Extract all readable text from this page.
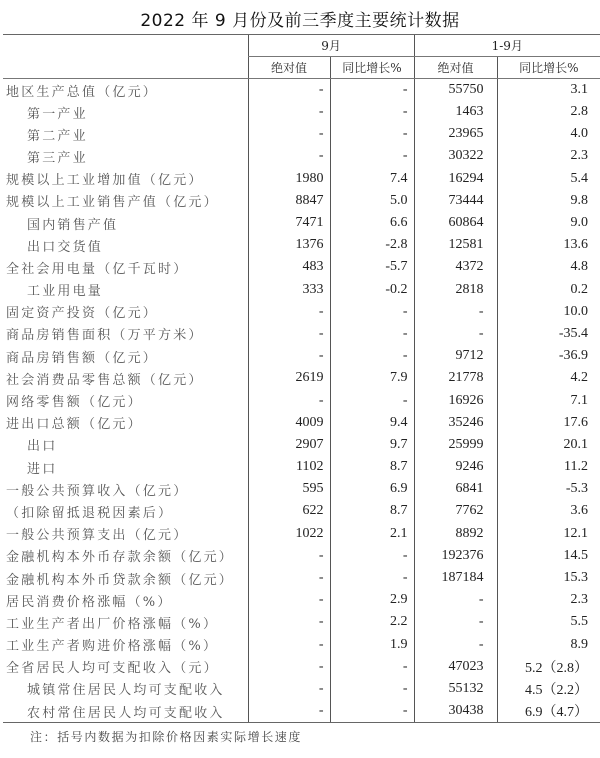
2022 年 9 月份及前三季度主要统计数据
	9月		1-9月	
	绝对值	同比增长%	绝对值	同比增长%
地区生产总值（亿元）	-	-	55750	3.1
第一产业	-	-	1463	2.8
第二产业	-	-	23965	4.0
第三产业	-	-	30322	2.3
规模以上工业增加值（亿元）	1980	7.4	16294	5.4
规模以上工业销售产值（亿元）	8847	5.0	73444	9.8
国内销售产值	7471	6.6	60864	9.0
出口交货值	1376	-2.8	12581	13.6
全社会用电量（亿千瓦时）	483	-5.7	4372	4.8
工业用电量	333	-0.2	2818	0.2
固定资产投资（亿元）	-	-	-	10.0
商品房销售面积（万平方米）	-	-	-	-35.4
商品房销售额（亿元）	-	-	9712	-36.9
社会消费品零售总额（亿元）	2619	7.9	21778	4.2
网络零售额（亿元）	-	-	16926	7.1
进出口总额（亿元）	4009	9.4	35246	17.6
出口	2907	9.7	25999	20.1
进口	1102	8.7	9246	11.2
一般公共预算收入（亿元）	595	6.9	6841	-5.3
（扣除留抵退税因素后）	622	8.7	7762	3.6
一般公共预算支出（亿元）	1022	2.1	8892	12.1
金融机构本外币存款余额（亿元）	-	-	192376	14.5
金融机构本外币贷款余额（亿元）	-	-	187184	15.3
居民消费价格涨幅（%）	-	2.9	-	2.3
工业生产者出厂价格涨幅（%）	-	2.2	-	5.5
工业生产者购进价格涨幅（%）	-	1.9	-	8.9
全省居民人均可支配收入（元）	-	-	47023	5.2（2.8）
城镇常住居民人均可支配收入	-	-	55132	4.5（2.2）
农村常住居民人均可支配收入	-	-	30438	6.9（4.7）
注：括号内数据为扣除价格因素实际增长速度
